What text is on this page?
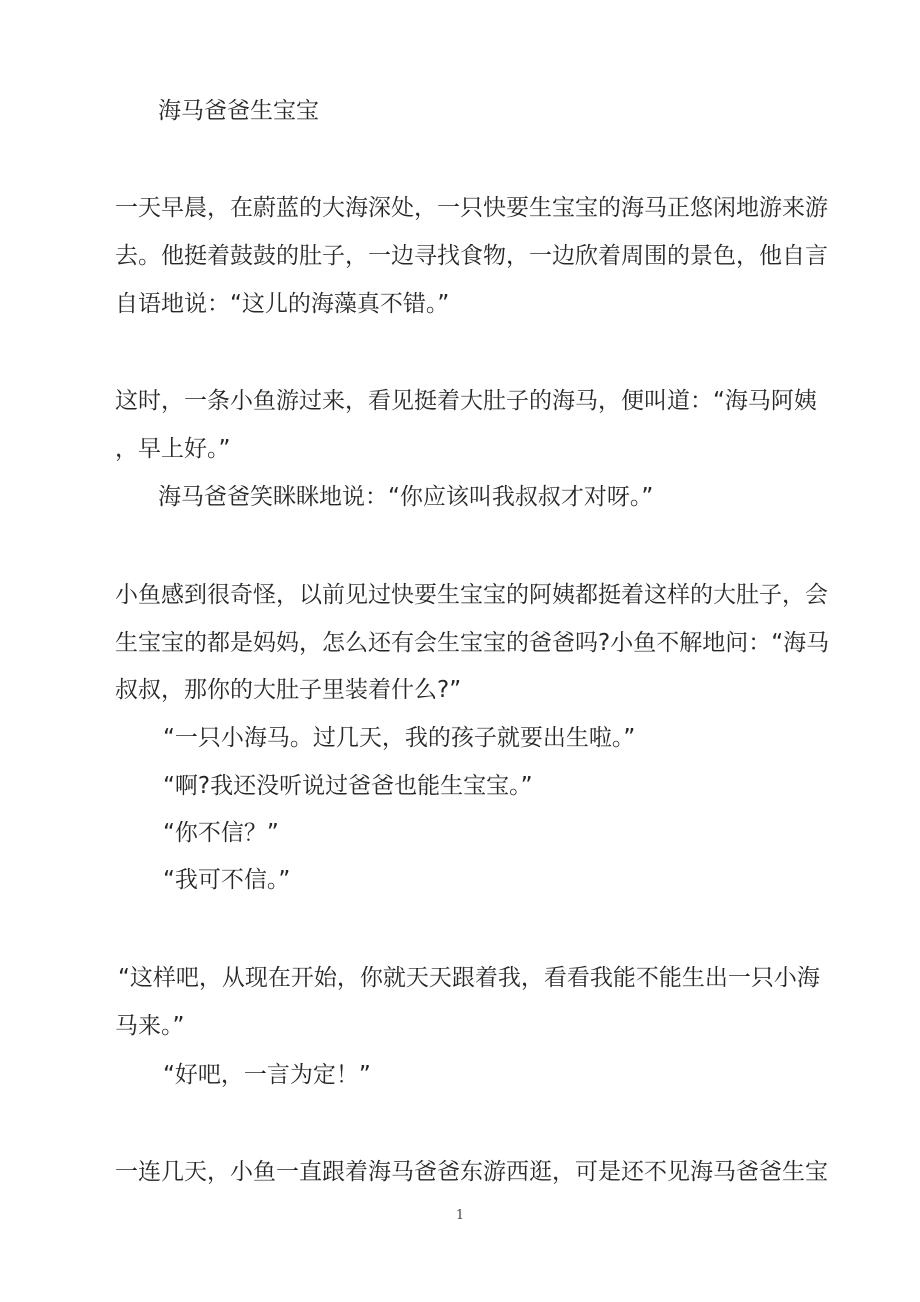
海马爸爸生宝宝
一天早晨，在蔚蓝的大海深处，一只快要生宝宝的海马正悠闲地游来游
去。他挺着鼓鼓的肚子，一边寻找食物，一边欣着周围的景色，他自言
自语地说：“这儿的海藻真不错。”
这时，一条小鱼游过来，看见挺着大肚子的海马，便叫道：“海马阿姨
，早上好。”
海马爸爸笑眯眯地说：“你应该叫我叔叔才对呀。”
小鱼感到很奇怪，以前见过快要生宝宝的阿姨都挺着这样的大肚子，会
生宝宝的都是妈妈，怎么还有会生宝宝的爸爸吗?小鱼不解地问：“海马
叔叔，那你的大肚子里装着什么?”
“一只小海马。过几天，我的孩子就要出生啦。”
“啊?我还没听说过爸爸也能生宝宝。”
“你不信？”
“我可不信。”
“这样吧，从现在开始，你就天天跟着我，看看我能不能生出一只小海
马来。”
“好吧，一言为定！”
一连几天，小鱼一直跟着海马爸爸东游西逛，可是还不见海马爸爸生宝
1
